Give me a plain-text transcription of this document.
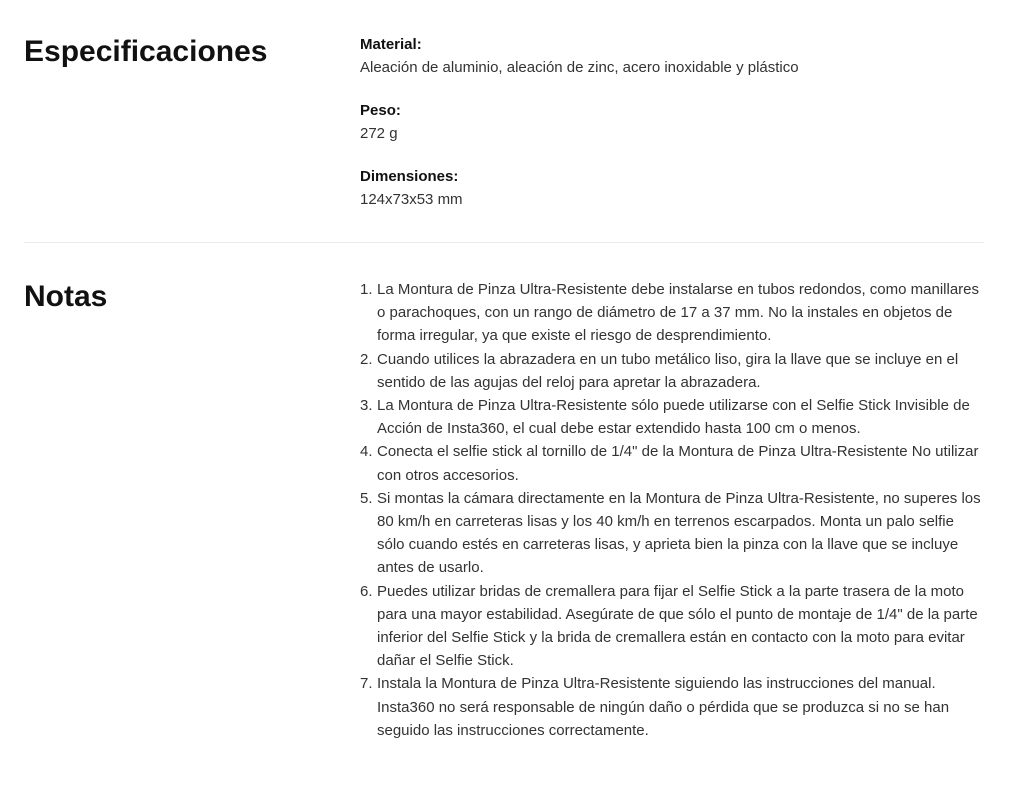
Especificaciones	Material:
Aleación de aluminio, aleación de zinc, acero inoxidable y plástico
Peso:
272 g
Dimensiones:
124x73x53 mm
Notas	1. La Montura de Pinza Ultra-Resistente debe instalarse en tubos redondos, como manillares o parachoques, con un rango de diámetro de 17 a 37 mm. No la instales en objetos de forma irregular, ya que existe el riesgo de desprendimiento.
2. Cuando utilices la abrazadera en un tubo metálico liso, gira la llave que se incluye en el sentido de las agujas del reloj para apretar la abrazadera.
3. La Montura de Pinza Ultra-Resistente sólo puede utilizarse con el Selfie Stick Invisible de Acción de Insta360, el cual debe estar extendido hasta 100 cm o menos.
4. Conecta el selfie stick al tornillo de 1/4" de la Montura de Pinza Ultra-Resistente No utilizar con otros accesorios.
5. Si montas la cámara directamente en la Montura de Pinza Ultra-Resistente, no superes los 80 km/h en carreteras lisas y los 40 km/h en terrenos escarpados. Monta un palo selfie sólo cuando estés en carreteras lisas, y aprieta bien la pinza con la llave que se incluye antes de usarlo.
6. Puedes utilizar bridas de cremallera para fijar el Selfie Stick a la parte trasera de la moto para una mayor estabilidad. Asegúrate de que sólo el punto de montaje de 1/4" de la parte inferior del Selfie Stick y la brida de cremallera están en contacto con la moto para evitar dañar el Selfie Stick.
7. Instala la Montura de Pinza Ultra-Resistente siguiendo las instrucciones del manual. Insta360 no será responsable de ningún daño o pérdida que se produzca si no se han seguido las instrucciones correctamente.
